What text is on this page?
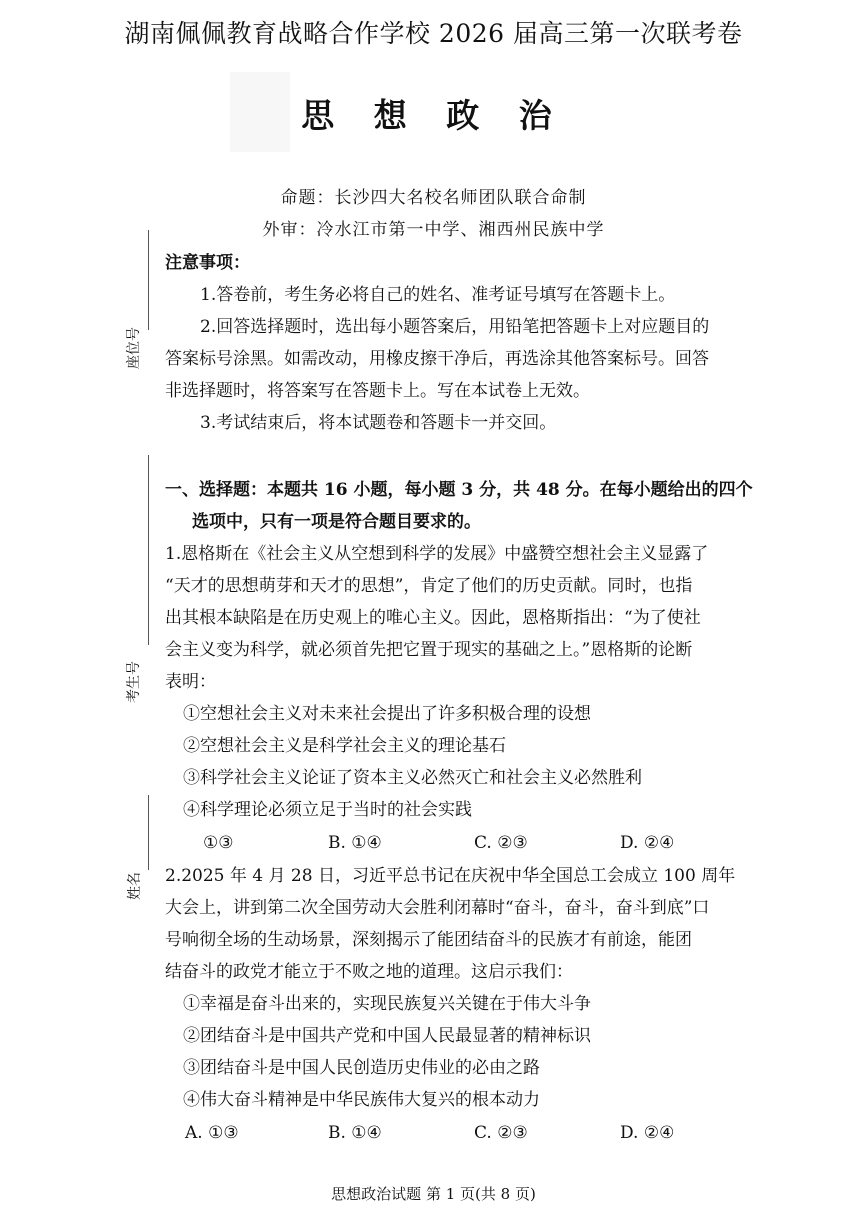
座位号
考生号
姓名
湖南佩佩教育战略合作学校 2026 届高三第一次联考卷
思 想 政 治
命题：长沙四大名校名师团队联合命制
外审：冷水江市第一中学、湘西州民族中学
注意事项：
1.答卷前，考生务必将自己的姓名、准考证号填写在答题卡上。
2.回答选择题时，选出每小题答案后，用铅笔把答题卡上对应题目的
答案标号涂黑。如需改动，用橡皮擦干净后，再选涂其他答案标号。回答
非选择题时，将答案写在答题卡上。写在本试卷上无效。
3.考试结束后，将本试题卷和答题卡一并交回。
一、选择题：本题共 16 小题，每小题 3 分，共 48 分。在每小题给出的四个
选项中，只有一项是符合题目要求的。
1.恩格斯在《社会主义从空想到科学的发展》中盛赞空想社会主义显露了
“天才的思想萌芽和天才的思想”，肯定了他们的历史贡献。同时，也指
出其根本缺陷是在历史观上的唯心主义。因此，恩格斯指出：“为了使社
会主义变为科学，就必须首先把它置于现实的基础之上。”恩格斯的论断
表明：
①空想社会主义对未来社会提出了许多积极合理的设想
②空想社会主义是科学社会主义的理论基石
③科学社会主义论证了资本主义必然灭亡和社会主义必然胜利
④科学理论必须立足于当时的社会实践
①③	B. ①④	C. ②③	D. ②④
2.2025 年 4 月 28 日，习近平总书记在庆祝中华全国总工会成立 100 周年
大会上，讲到第二次全国劳动大会胜利闭幕时“奋斗，奋斗，奋斗到底”口
号响彻全场的生动场景，深刻揭示了能团结奋斗的民族才有前途，能团
结奋斗的政党才能立于不败之地的道理。这启示我们：
①幸福是奋斗出来的，实现民族复兴关键在于伟大斗争
②团结奋斗是中国共产党和中国人民最显著的精神标识
③团结奋斗是中国人民创造历史伟业的必由之路
④伟大奋斗精神是中华民族伟大复兴的根本动力
A. ①③	B. ①④	C. ②③	D. ②④
思想政治试题 第 1 页(共 8 页)
